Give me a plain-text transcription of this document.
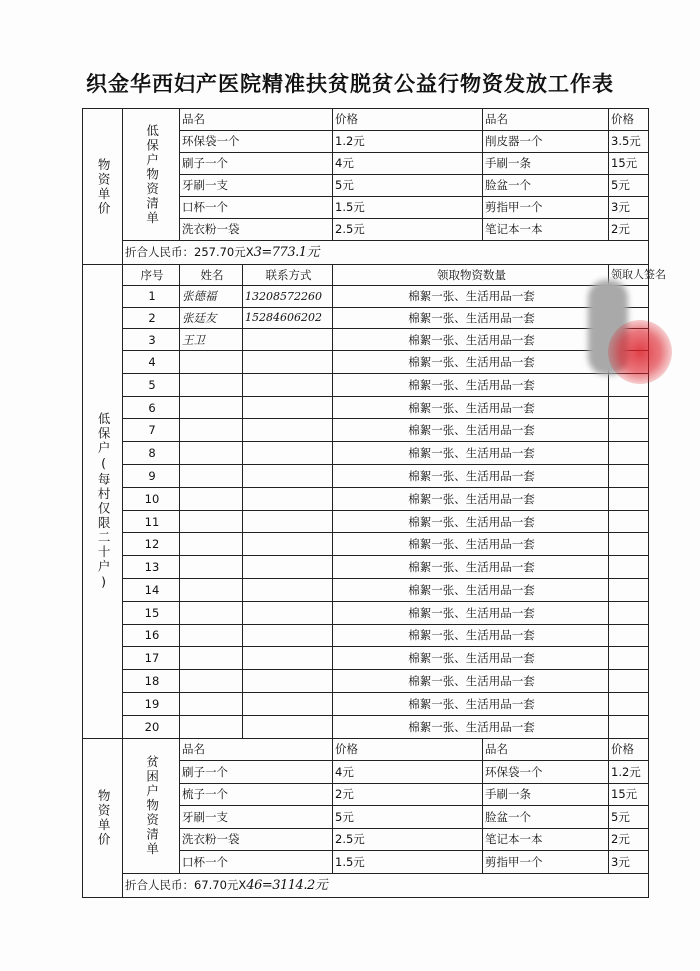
织金华西妇产医院精准扶贫脱贫公益行物资发放工作表
物资单价	低保户物资清单	品名		价格	品名	价格		
		环保袋一个		1.2元	削皮器一个	3.5元		
		刷子一个		4元	手刷一条	15元		
		牙刷一支		5元	脸盆一个	5元		
		口杯一个		1.5元	剪指甲一个	3元		
		洗衣粉一袋		2.5元	笔记本一本	2元		
	折合人民币：257.70元X3=773.1元						

低保户(每村仅限二十户)	序号	姓名	联系方式	领取物资数量		领取人签名	
	1	张德福	13208572260	棉絮一张、生活用品一套			
	2	张廷友	15284606202	棉絮一张、生活用品一套			
	3	王卫		棉絮一张、生活用品一套			
	4			棉絮一张、生活用品一套			
	5			棉絮一张、生活用品一套			
	6			棉絮一张、生活用品一套			
	7			棉絮一张、生活用品一套			
	8			棉絮一张、生活用品一套			
	9			棉絮一张、生活用品一套			
	10			棉絮一张、生活用品一套			
	11			棉絮一张、生活用品一套			
	12			棉絮一张、生活用品一套			
	13			棉絮一张、生活用品一套			
	14			棉絮一张、生活用品一套			
	15			棉絮一张、生活用品一套			
	16			棉絮一张、生活用品一套			
	17			棉絮一张、生活用品一套			
	18			棉絮一张、生活用品一套			
	19			棉絮一张、生活用品一套			
	20			棉絮一张、生活用品一套			

物资单价	贫困户物资清单	品名		价格	品名	价格		
		刷子一个		4元	环保袋一个	1.2元		
		梳子一个		2元	手刷一条	15元		
		牙刷一支		5元	脸盆一个	5元		
		洗衣粉一袋		2.5元	笔记本一本	2元		
		口杯一个		1.5元	剪指甲一个	3元		
	折合人民币：67.70元X46=3114.2元						
